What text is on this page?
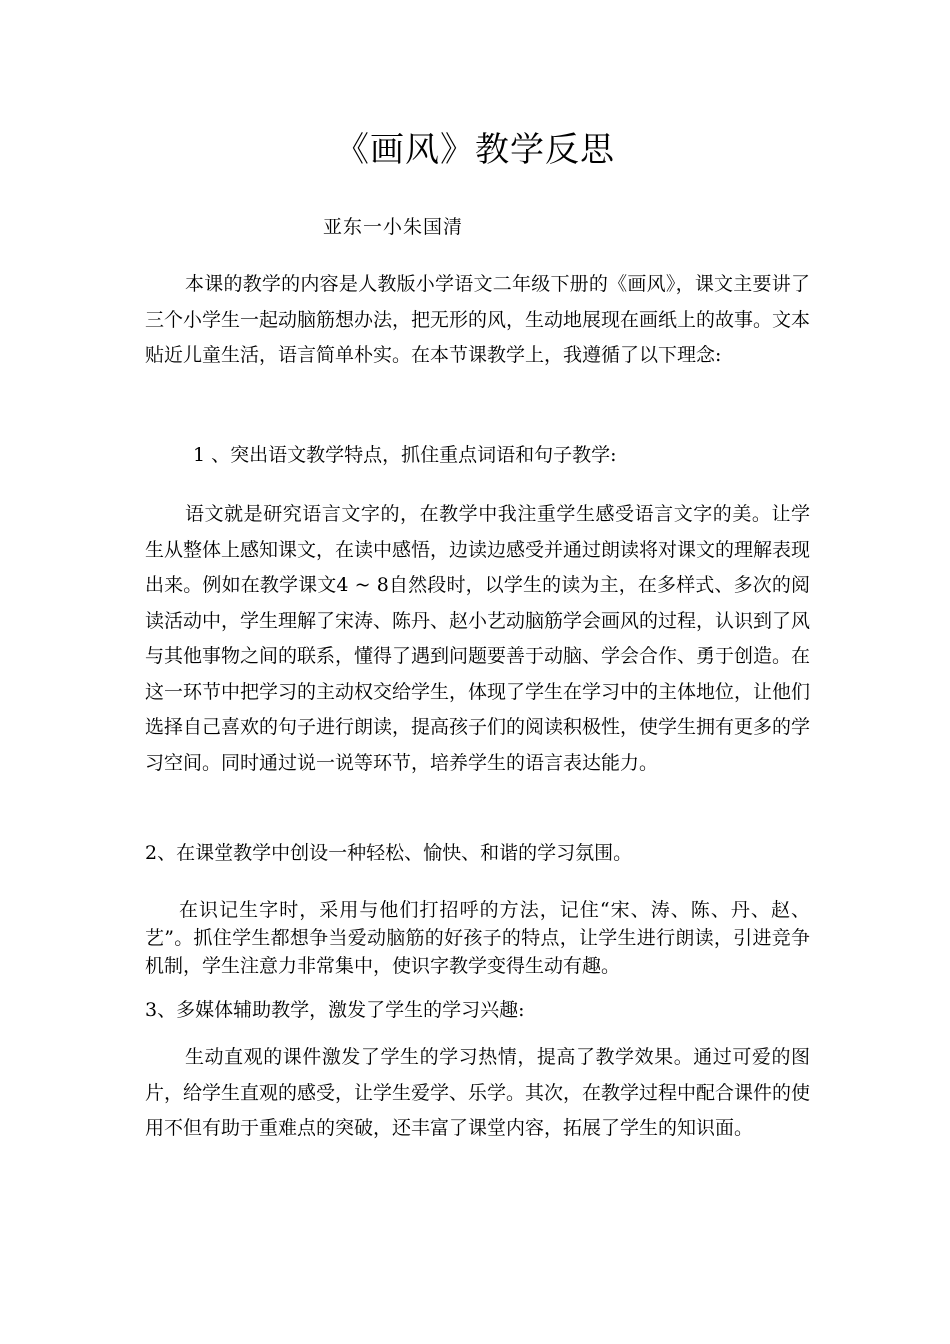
《画风》教学反思

亚东一小朱国清

本课的教学的内容是人教版小学语文二年级下册的《画风》，课文主要讲了三个小学生一起动脑筋想办法，把无形的风，生动地展现在画纸上的故事。文本贴近儿童生活，语言简单朴实。在本节课教学上，我遵循了以下理念:

1 、突出语文教学特点，抓住重点词语和句子教学:

语文就是研究语言文字的，在教学中我注重学生感受语言文字的美。让学生从整体上感知课文，在读中感悟，边读边感受并通过朗读将对课文的理解表现出来。例如在教学课文4 ~ 8自然段时，以学生的读为主，在多样式、多次的阅读活动中，学生理解了宋涛、陈丹、赵小艺动脑筋学会画风的过程，认识到了风与其他事物之间的联系，懂得了遇到问题要善于动脑、学会合作、勇于创造。在这一环节中把学习的主动权交给学生，体现了学生在学习中的主体地位，让他们选择自己喜欢的句子进行朗读，提高孩子们的阅读积极性，使学生拥有更多的学习空间。同时通过说一说等环节，培养学生的语言表达能力。

2、在课堂教学中创设一种轻松、愉快、和谐的学习氛围。

在识记生字时，采用与他们打招呼的方法，记住“宋、涛、陈、丹、赵、艺”。抓住学生都想争当爱动脑筋的好孩子的特点，让学生进行朗读，引进竞争机制，学生注意力非常集中，使识字教学变得生动有趣。

3、多媒体辅助教学，激发了学生的学习兴趣:

生动直观的课件激发了学生的学习热情，提高了教学效果。通过可爱的图片，给学生直观的感受，让学生爱学、乐学。其次，在教学过程中配合课件的使用不但有助于重难点的突破，还丰富了课堂内容，拓展了学生的知识面。
